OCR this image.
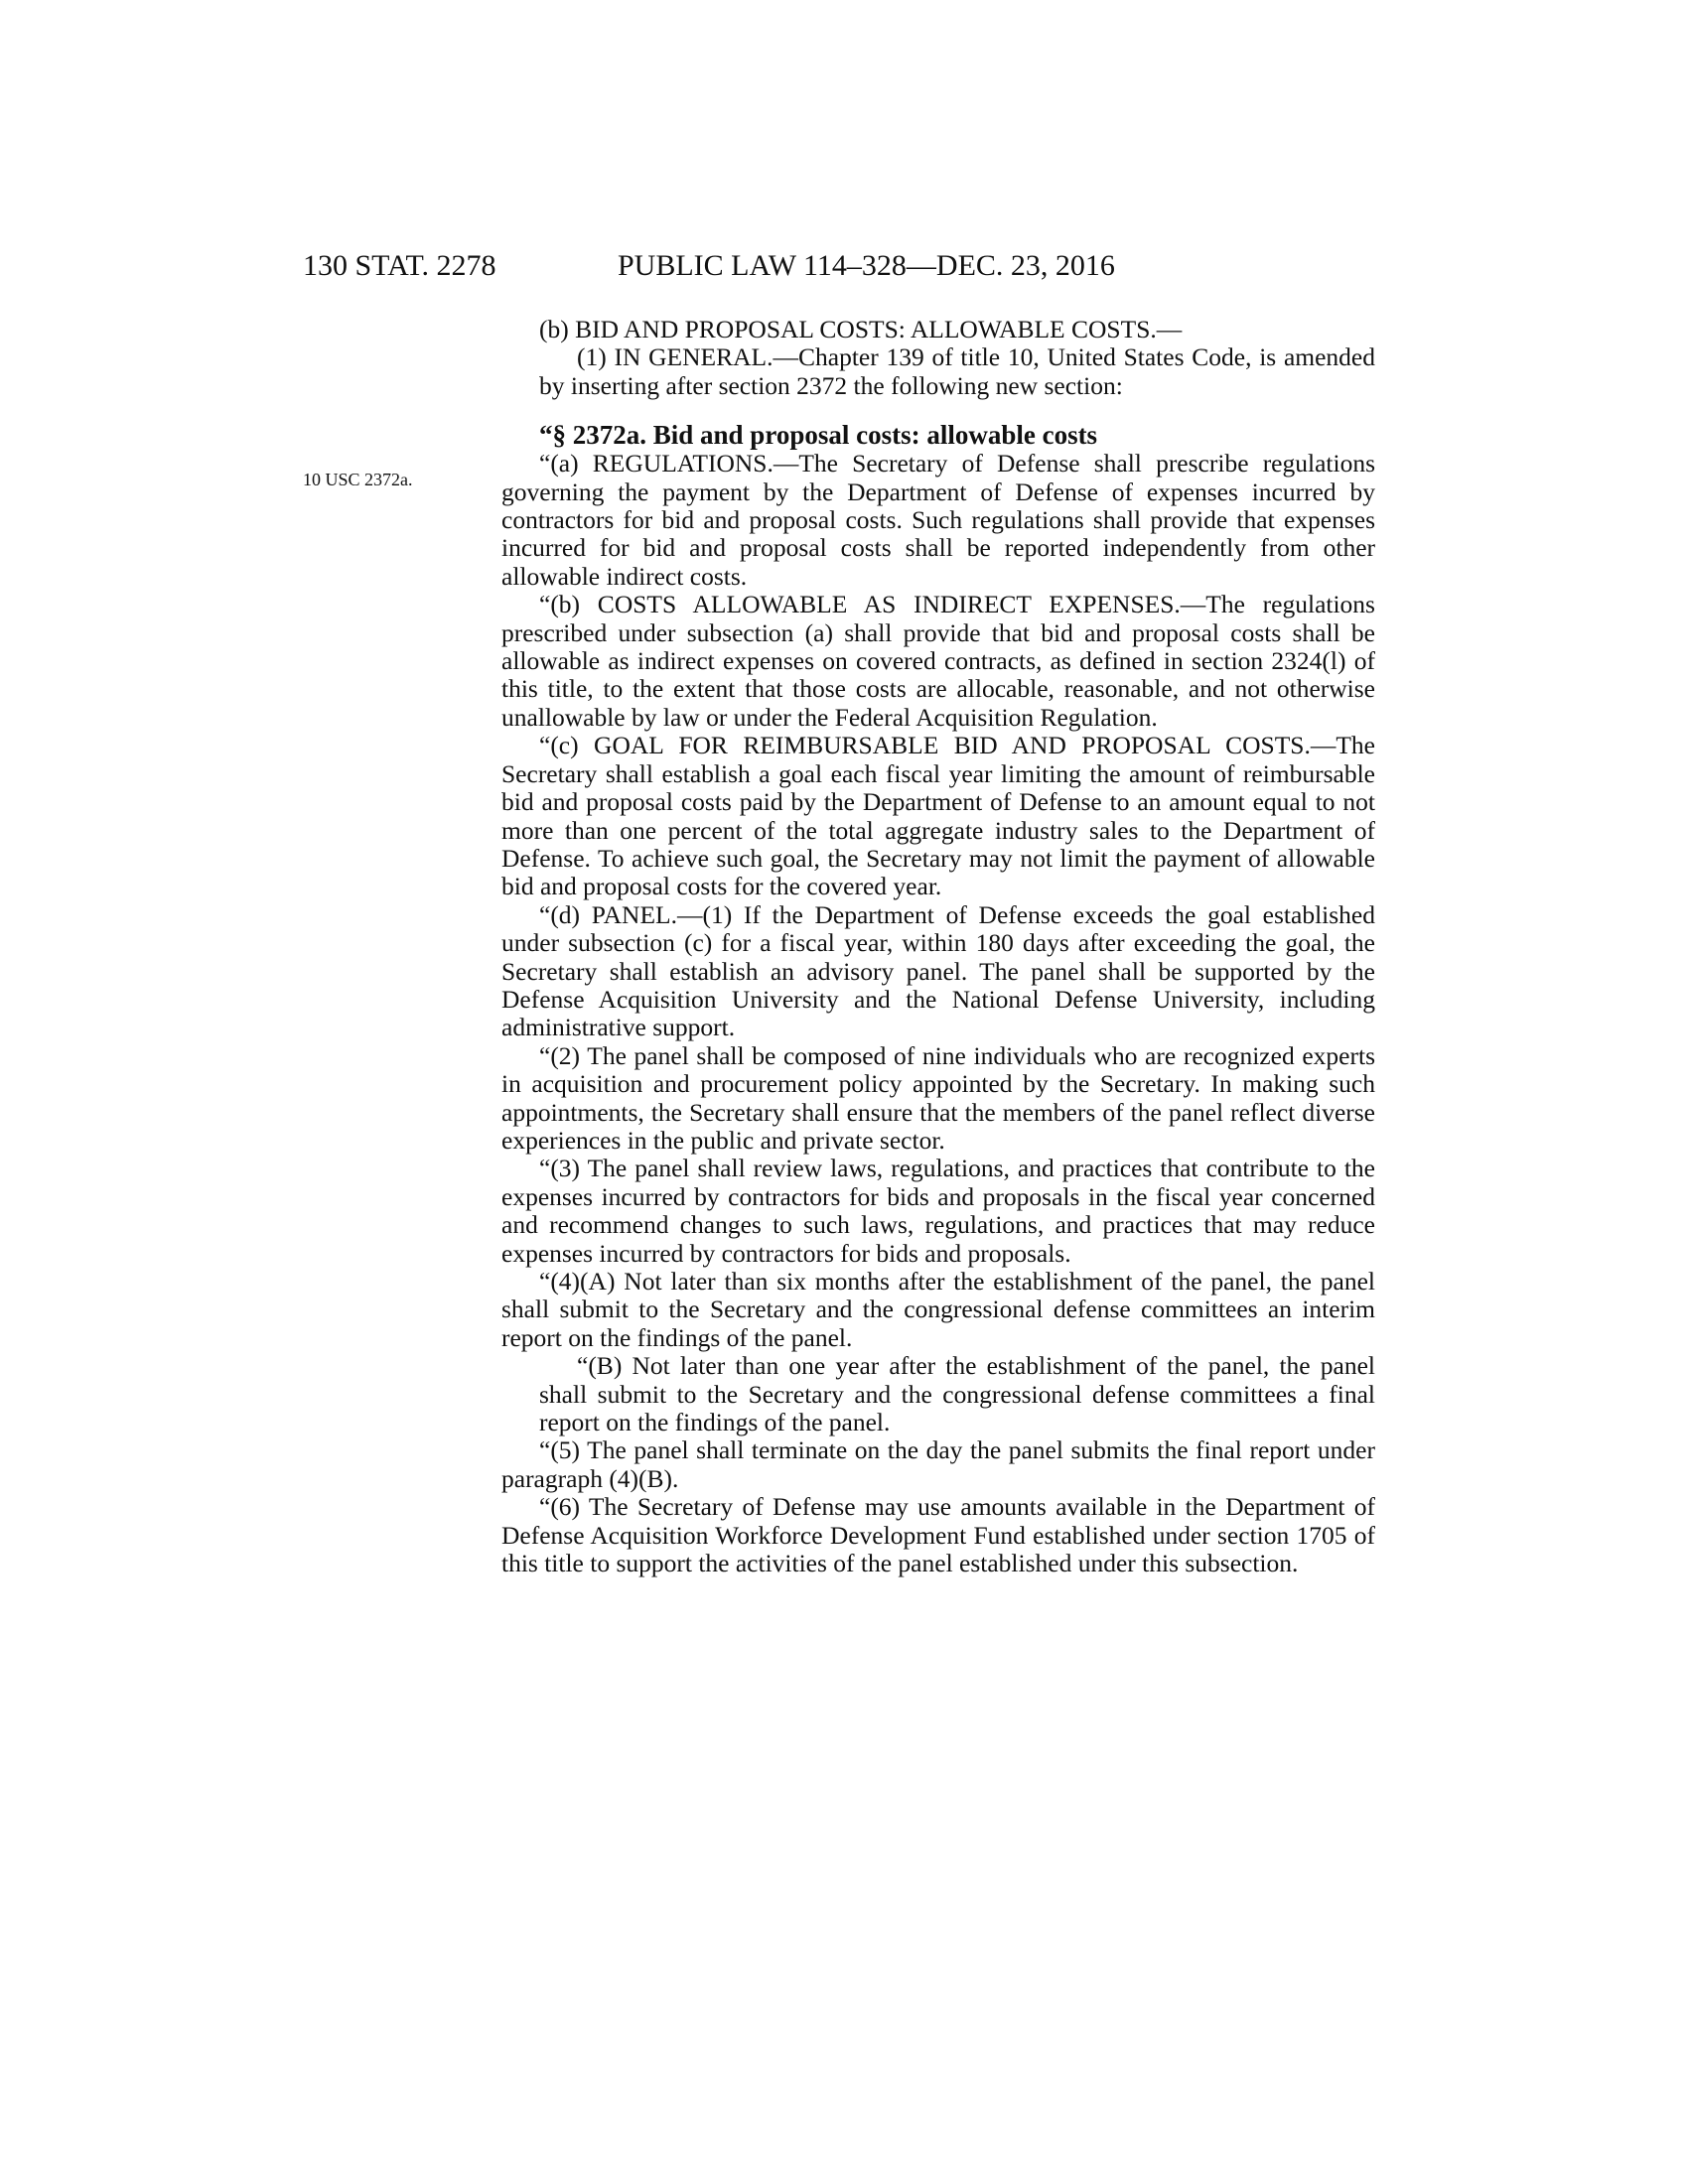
130 STAT. 2278	PUBLIC LAW 114–328—DEC. 23, 2016
10 USC 2372a.

(b) BID AND PROPOSAL COSTS: ALLOWABLE COSTS.—

(1) IN GENERAL.—Chapter 139 of title 10, United States Code, is amended by inserting after section 2372 the following new section:

“§ 2372a. Bid and proposal costs: allowable costs

“(a) REGULATIONS.—The Secretary of Defense shall prescribe regulations governing the payment by the Department of Defense of expenses incurred by contractors for bid and proposal costs. Such regulations shall provide that expenses incurred for bid and proposal costs shall be reported independently from other allowable indirect costs.

“(b) COSTS ALLOWABLE AS INDIRECT EXPENSES.—The regulations prescribed under subsection (a) shall provide that bid and proposal costs shall be allowable as indirect expenses on covered contracts, as defined in section 2324(l) of this title, to the extent that those costs are allocable, reasonable, and not otherwise unallowable by law or under the Federal Acquisition Regulation.

“(c) GOAL FOR REIMBURSABLE BID AND PROPOSAL COSTS.—The Secretary shall establish a goal each fiscal year limiting the amount of reimbursable bid and proposal costs paid by the Department of Defense to an amount equal to not more than one percent of the total aggregate industry sales to the Department of Defense. To achieve such goal, the Secretary may not limit the payment of allowable bid and proposal costs for the covered year.

“(d) PANEL.—(1) If the Department of Defense exceeds the goal established under subsection (c) for a fiscal year, within 180 days after exceeding the goal, the Secretary shall establish an advisory panel. The panel shall be supported by the Defense Acquisition University and the National Defense University, including administrative support.

“(2) The panel shall be composed of nine individuals who are recognized experts in acquisition and procurement policy appointed by the Secretary. In making such appointments, the Secretary shall ensure that the members of the panel reflect diverse experiences in the public and private sector.

“(3) The panel shall review laws, regulations, and practices that contribute to the expenses incurred by contractors for bids and proposals in the fiscal year concerned and recommend changes to such laws, regulations, and practices that may reduce expenses incurred by contractors for bids and proposals.

“(4)(A) Not later than six months after the establishment of the panel, the panel shall submit to the Secretary and the congressional defense committees an interim report on the findings of the panel.

“(B) Not later than one year after the establishment of the panel, the panel shall submit to the Secretary and the congressional defense committees a final report on the findings of the panel.

“(5) The panel shall terminate on the day the panel submits the final report under paragraph (4)(B).

“(6) The Secretary of Defense may use amounts available in the Department of Defense Acquisition Workforce Development Fund established under section 1705 of this title to support the activities of the panel established under this subsection.
